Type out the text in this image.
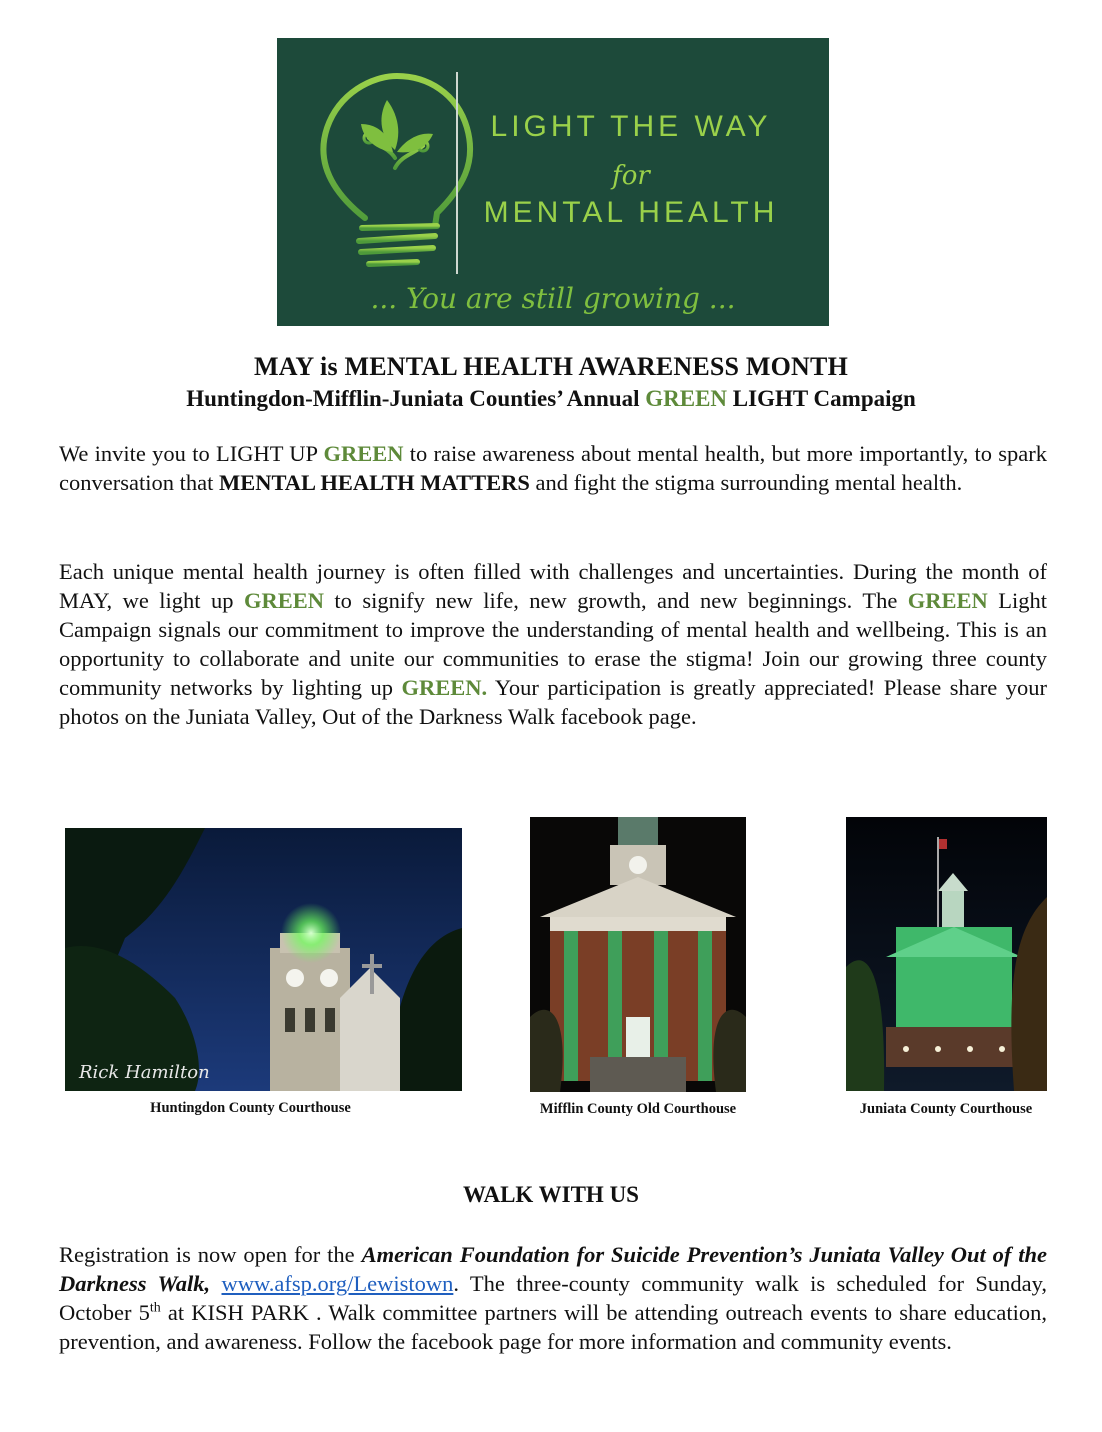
LIGHT THE WAY
for
MENTAL HEALTH
... You are still growing ...
MAY is MENTAL HEALTH AWARENESS MONTH
Huntingdon-Mifflin-Juniata Counties’ Annual GREEN LIGHT Campaign

We invite you to LIGHT UP GREEN to raise awareness about mental health, but more importantly, to spark conversation that MENTAL HEALTH MATTERS and fight the stigma surrounding mental health.

Each unique mental health journey is often filled with challenges and uncertainties. During the month of MAY, we light up GREEN to signify new life, new growth, and new beginnings. The GREEN Light Campaign signals our commitment to improve the understanding of mental health and wellbeing. This is an opportunity to collaborate and unite our communities to erase the stigma! Join our growing three county community networks by lighting up GREEN. Your participation is greatly appreciated! Please share your photos on the Juniata Valley, Out of the Darkness Walk facebook page.

Rick Hamilton
Huntingdon County Courthouse	Mifflin County Old Courthouse	Juniata County Courthouse
WALK WITH US

Registration is now open for the American Foundation for Suicide Prevention’s Juniata Valley Out of the Darkness Walk, www.afsp.org/Lewistown. The three-county community walk is scheduled for Sunday, October 5th at KISH PARK . Walk committee partners will be attending outreach events to share education, prevention, and awareness. Follow the facebook page for more information and community events.
